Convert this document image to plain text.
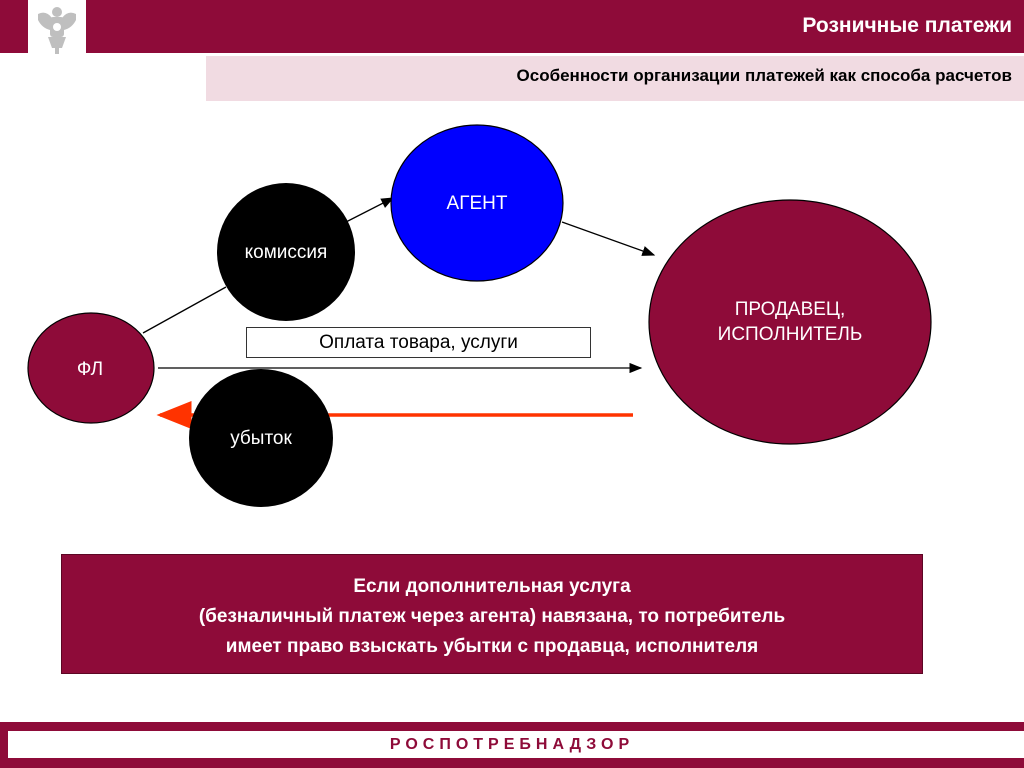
Розничные платежи
Особенности организации платежей как способа расчетов
ФЛ
комиссия
АГЕНТ
ПРОДАВЕЦ,
ИСПОЛНИТЕЛЬ
убыток
Оплата товара, услуги
Если дополнительная услуга
(безналичный платеж через агента) навязана, то потребитель
имеет право взыскать убытки с продавца, исполнителя
РОСПОТРЕБНАДЗОР
